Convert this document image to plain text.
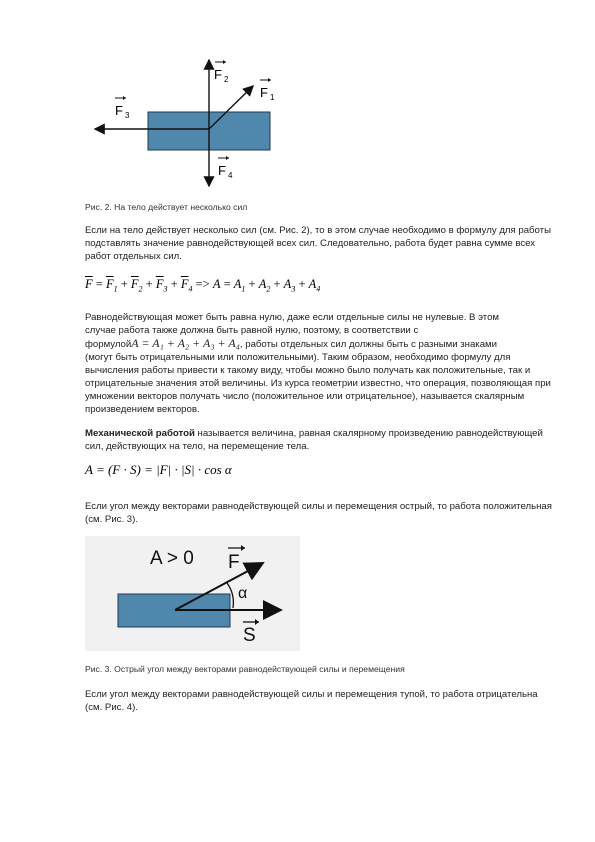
F 2
F 1
F 3
F 4
Рис. 2. На тело действует несколько сил
Если на тело действует несколько сил (см. Рис. 2), то в этом случае необходимо в формулу для работы подставлять значение равнодействующей всех сил. Следовательно, работа будет равна сумме всех работ отдельных сил.
$\overline{F} = \overline{F}_1 + \overline{F}_2 + \overline{F}_3 + \overline{F}_4 => A = A_1 + A_2 + A_3 + A_4$
Равнодействующая может быть равна нулю, даже если отдельные силы не нулевые. В этом
случае работа также должна быть равной нулю, поэтому, в соответствии с
формулойA = A₁ + A₂ + A₃ + A₄, работы отдельных сил должны быть с разными знаками
(могут быть отрицательными или положительными). Таким образом, необходимо формулу для вычисления работы привести к такому виду, чтобы можно было получать как положительные, так и отрицательные значения этой величины. Из курса геометрии известно, что операция, позволяющая при умножении векторов получать число (положительное или отрицательное), называется скалярным произведением векторов.
Механической работой называется величина, равная скалярному произведению равнодействующей сил, действующих на тело, на перемещение тела.
A = (F · S) = |F| · |S| · cos α
Если угол между векторами равнодействующей силы и перемещения острый, то работа положительная (см. Рис. 3).
A > 0
α
F
S
Рис. 3. Острый угол между векторами равнодействующей силы и перемещения
Если угол между векторами равнодействующей силы и перемещения тупой, то работа отрицательна (см. Рис. 4).
